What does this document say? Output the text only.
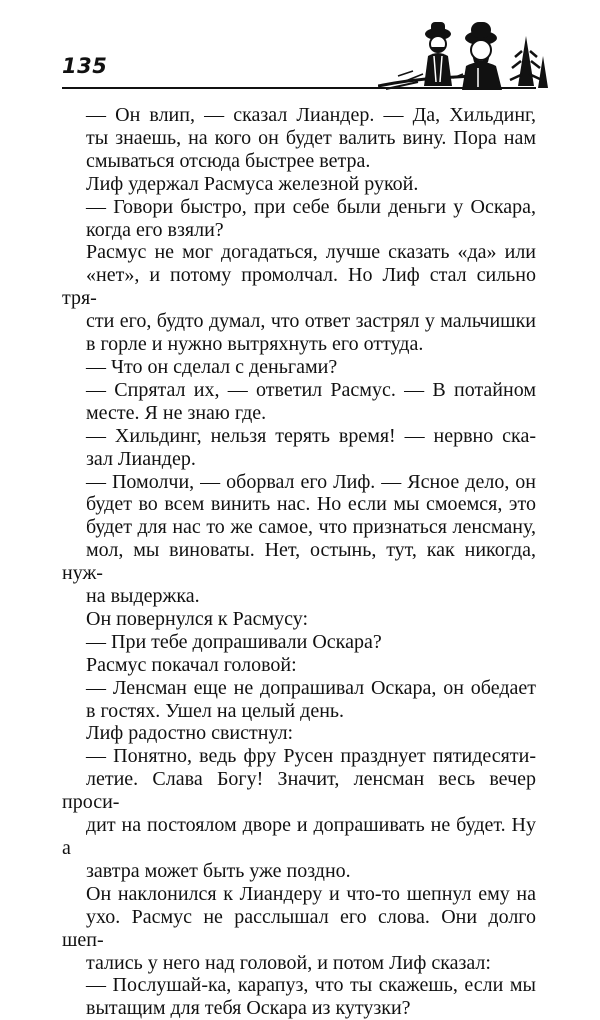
135

— Он влип, — сказал Лиандер. — Да, Хильдинг,

ты знаешь, на кого он будет валить вину. Пора нам

смываться отсюда быстрее ветра.

Лиф удержал Расмуса железной рукой.

— Говори быстро, при себе были деньги у Оскара,

когда его взяли?

Расмус не мог догадаться, лучше сказать «да» или

«нет», и потому промолчал. Но Лиф стал сильно тря-

сти его, будто думал, что ответ застрял у мальчишки

в горле и нужно вытряхнуть его оттуда.

— Что он сделал с деньгами?

— Спрятал их, — ответил Расмус. — В потайном

месте. Я не знаю где.

— Хильдинг, нельзя терять время! — нервно ска-

зал Лиандер.

— Помолчи, — оборвал его Лиф. — Ясное дело, он

будет во всем винить нас. Но если мы смоемся, это

будет для нас то же самое, что признаться ленсману,

мол, мы виноваты. Нет, остынь, тут, как никогда, нуж-

на выдержка.

Он повернулся к Расмусу:

— При тебе допрашивали Оскара?

Расмус покачал головой:

— Ленсман еще не допрашивал Оскара, он обедает

в гостях. Ушел на целый день.

Лиф радостно свистнул:

— Понятно, ведь фру Русен празднует пятидесяти-

летие. Слава Богу! Значит, ленсман весь вечер проси-

дит на постоялом дворе и допрашивать не будет. Ну а

завтра может быть уже поздно.

Он наклонился к Лиандеру и что-то шепнул ему на

ухо. Расмус не расслышал его слова. Они долго шеп-

тались у него над головой, и потом Лиф сказал:

— Послушай-ка, карапуз, что ты скажешь, если мы

вытащим для тебя Оскара из кутузки?
